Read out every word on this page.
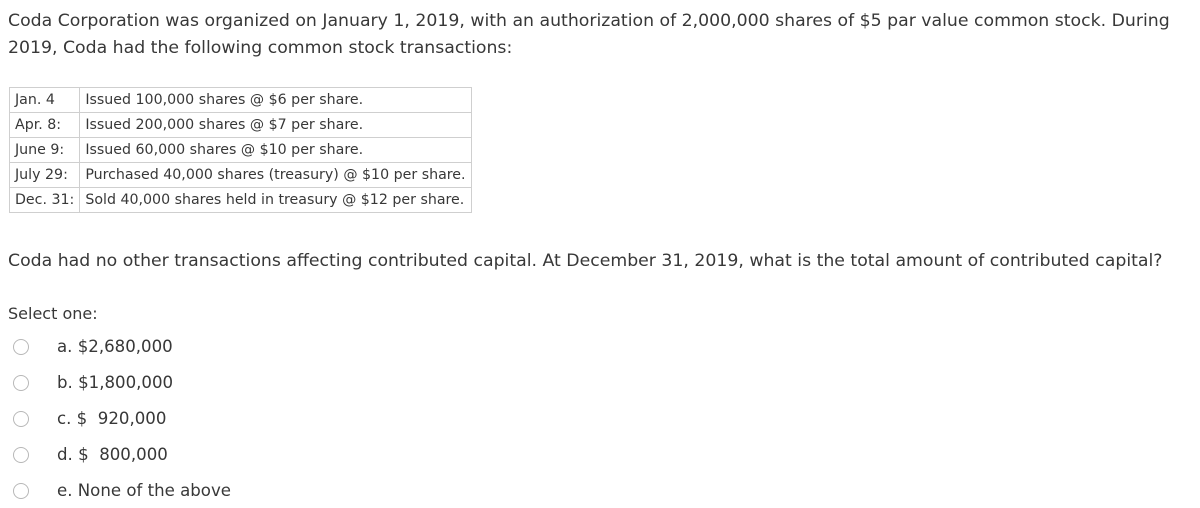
Coda Corporation was organized on January 1, 2019, with an authorization of 2,000,000 shares of $5 par value common stock. During 2019, Coda had the following common stock transactions:

Jan. 4	Issued 100,000 shares @ $6 per share.
Apr. 8:	Issued 200,000 shares @ $7 per share.
June 9:	Issued 60,000 shares @ $10 per share.
July 29:	Purchased 40,000 shares (treasury) @ $10 per share.
Dec. 31:	Sold 40,000 shares held in treasury @ $12 per share.

Coda had no other transactions affecting contributed capital. At December 31, 2019, what is the total amount of contributed capital?

Select one:

a. $2,680,000
b. $1,800,000
c. $  920,000
d. $  800,000
e. None of the above
